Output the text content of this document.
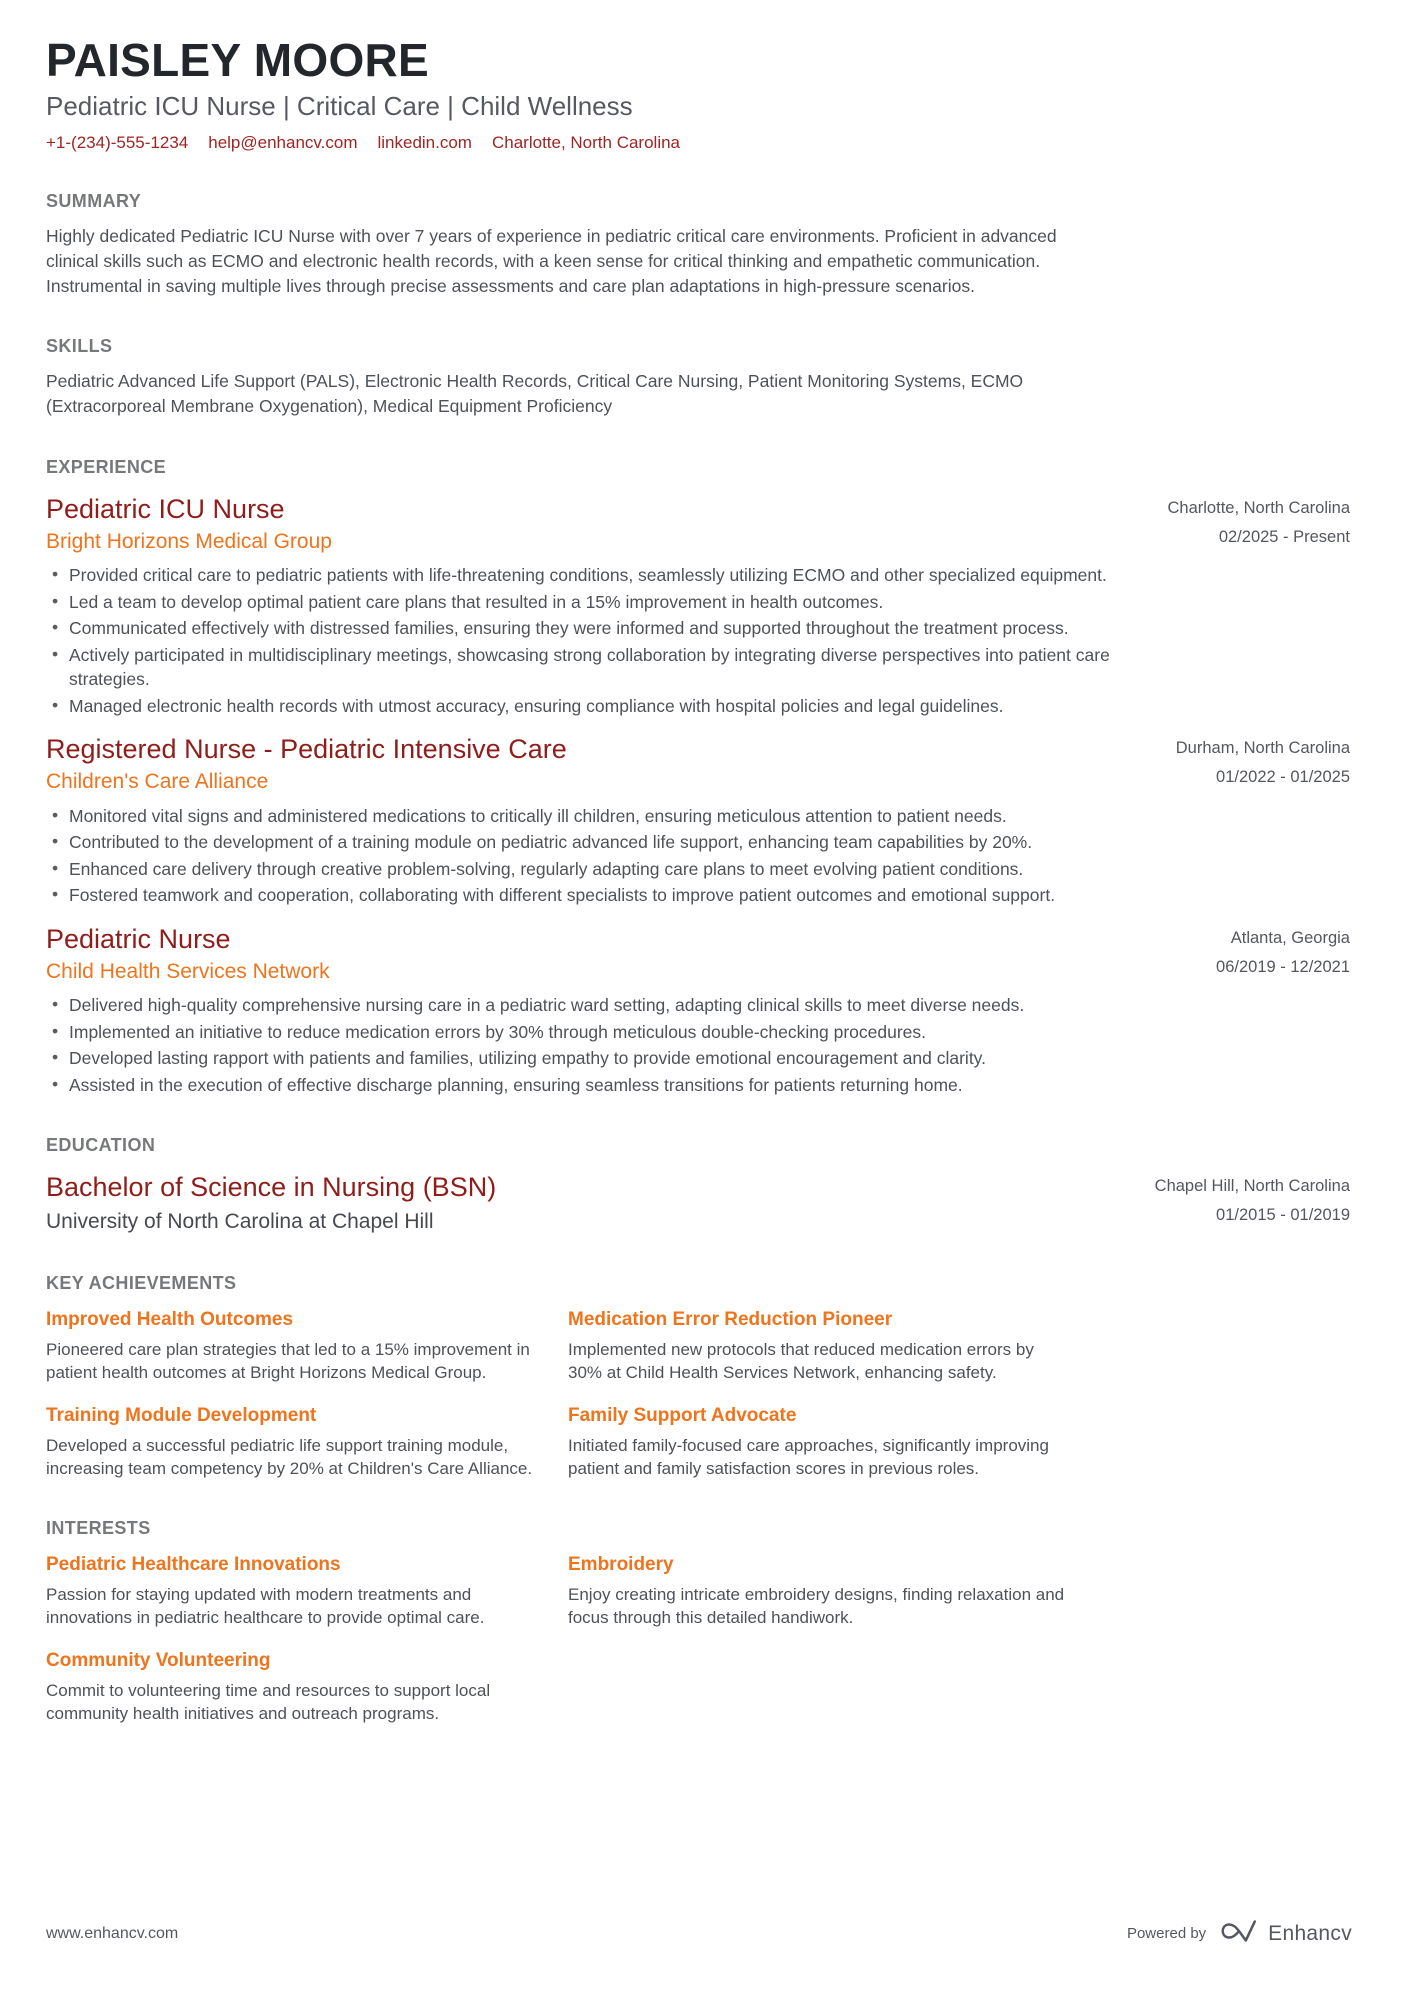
PAISLEY MOORE
Pediatric ICU Nurse | Critical Care | Child Wellness
+1-(234)-555-1234 help@enhancv.com linkedin.com Charlotte, North Carolina
SUMMARY

Highly dedicated Pediatric ICU Nurse with over 7 years of experience in pediatric critical care environments. Proficient in advanced clinical skills such as ECMO and electronic health records, with a keen sense for critical thinking and empathetic communication. Instrumental in saving multiple lives through precise assessments and care plan adaptations in high-pressure scenarios.

SKILLS

Pediatric Advanced Life Support (PALS), Electronic Health Records, Critical Care Nursing, Patient Monitoring Systems, ECMO (Extracorporeal Membrane Oxygenation), Medical Equipment Proficiency

EXPERIENCE
Pediatric ICU Nurse
Bright Horizons Medical Group
Charlotte, North Carolina
02/2025 - Present
• Provided critical care to pediatric patients with life-threatening conditions, seamlessly utilizing ECMO and other specialized equipment.
• Led a team to develop optimal patient care plans that resulted in a 15% improvement in health outcomes.
• Communicated effectively with distressed families, ensuring they were informed and supported throughout the treatment process.
• Actively participated in multidisciplinary meetings, showcasing strong collaboration by integrating diverse perspectives into patient care strategies.
• Managed electronic health records with utmost accuracy, ensuring compliance with hospital policies and legal guidelines.
Registered Nurse - Pediatric Intensive Care
Children's Care Alliance
Durham, North Carolina
01/2022 - 01/2025
• Monitored vital signs and administered medications to critically ill children, ensuring meticulous attention to patient needs.
• Contributed to the development of a training module on pediatric advanced life support, enhancing team capabilities by 20%.
• Enhanced care delivery through creative problem-solving, regularly adapting care plans to meet evolving patient conditions.
• Fostered teamwork and cooperation, collaborating with different specialists to improve patient outcomes and emotional support.
Pediatric Nurse
Child Health Services Network
Atlanta, Georgia
06/2019 - 12/2021
• Delivered high-quality comprehensive nursing care in a pediatric ward setting, adapting clinical skills to meet diverse needs.
• Implemented an initiative to reduce medication errors by 30% through meticulous double-checking procedures.
• Developed lasting rapport with patients and families, utilizing empathy to provide emotional encouragement and clarity.
• Assisted in the execution of effective discharge planning, ensuring seamless transitions for patients returning home.
EDUCATION
Bachelor of Science in Nursing (BSN)
University of North Carolina at Chapel Hill
Chapel Hill, North Carolina
01/2015 - 01/2019
KEY ACHIEVEMENTS
Improved Health Outcomes

Pioneered care plan strategies that led to a 15% improvement in patient health outcomes at Bright Horizons Medical Group.

Medication Error Reduction Pioneer

Implemented new protocols that reduced medication errors by 30% at Child Health Services Network, enhancing safety.

Training Module Development

Developed a successful pediatric life support training module, increasing team competency by 20% at Children's Care Alliance.

Family Support Advocate

Initiated family-focused care approaches, significantly improving patient and family satisfaction scores in previous roles.

INTERESTS
Pediatric Healthcare Innovations

Passion for staying updated with modern treatments and innovations in pediatric healthcare to provide optimal care.

Embroidery

Enjoy creating intricate embroidery designs, finding relaxation and focus through this detailed handiwork.

Community Volunteering

Commit to volunteering time and resources to support local community health initiatives and outreach programs.

www.enhancv.com	Powered by	Enhancv
